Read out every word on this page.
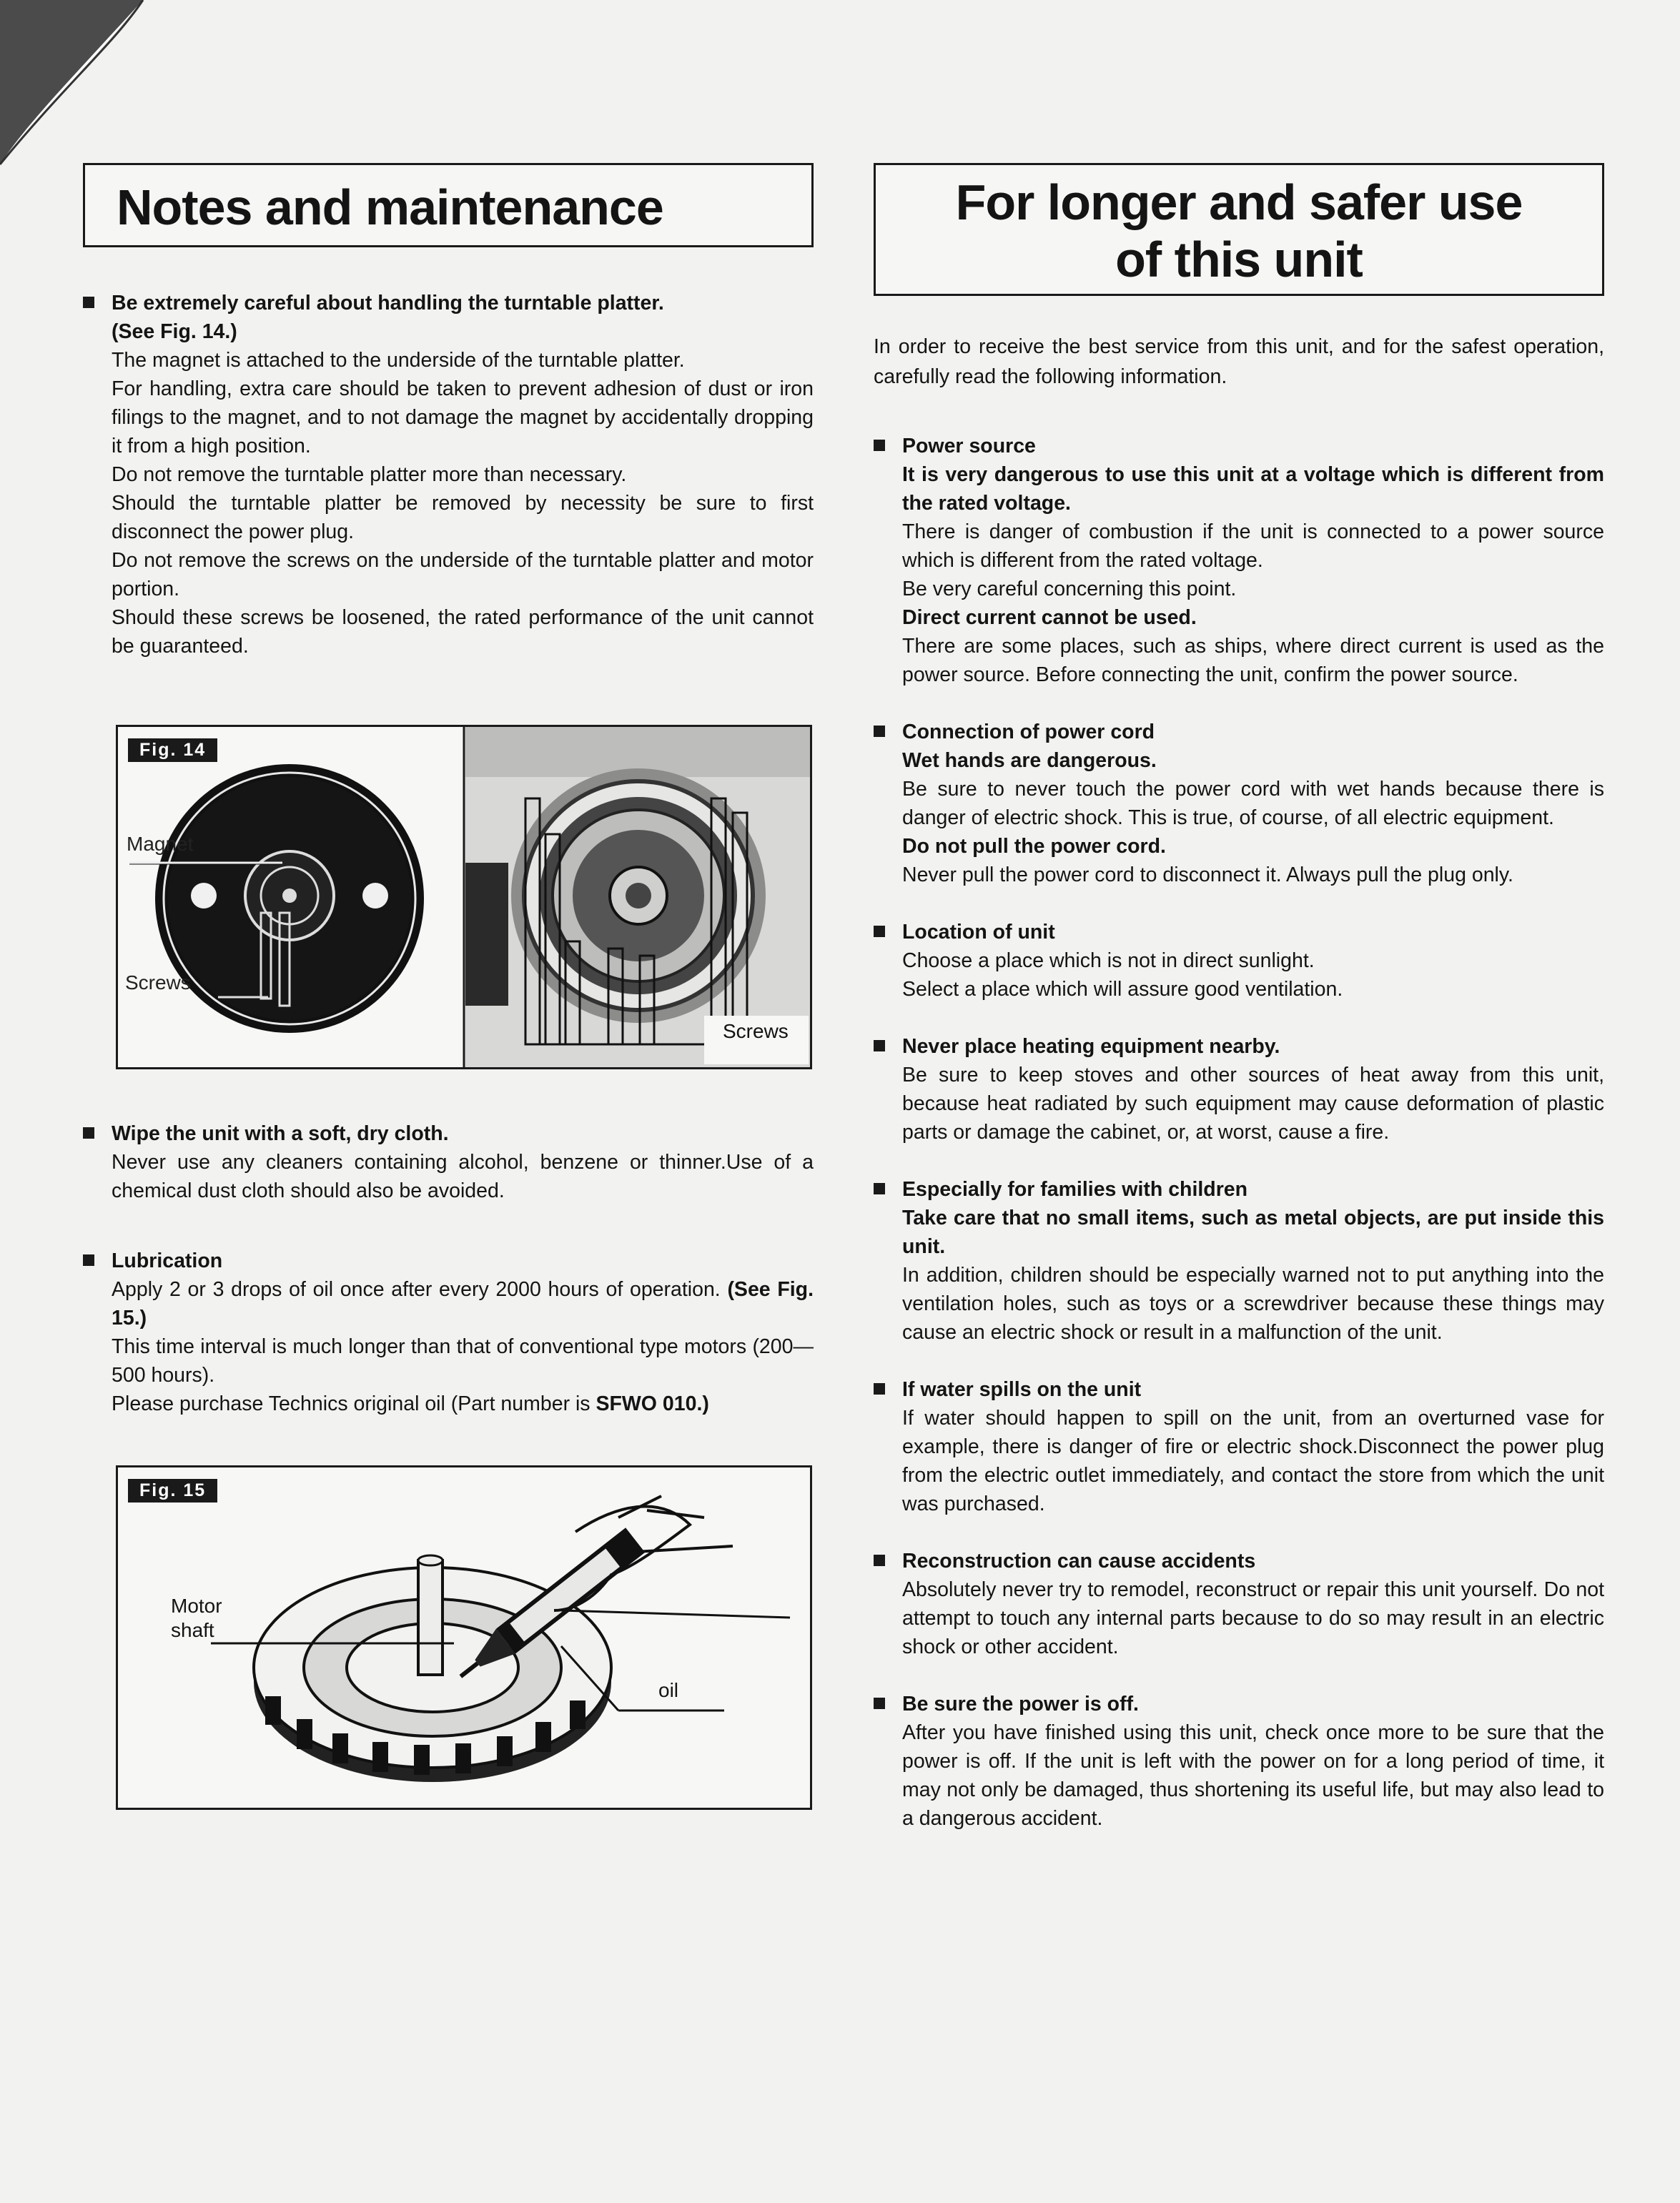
Notes and maintenance

Be extremely careful about handling the turntable platter.

(See Fig. 14.)

The magnet is attached to the underside of the turntable platter.

For handling, extra care should be taken to prevent adhesion of dust or iron filings to the magnet, and to not damage the magnet by accidentally dropping it from a high position.

Do not remove the turntable platter more than necessary.

Should the turntable platter be removed by necessity be sure to first disconnect the power plug.

Do not remove the screws on the underside of the turntable platter and motor portion.

Should these screws be loosened, the rated performance of the unit cannot be guaranteed.

Fig. 14
Magnet
Screws
Screws

Wipe the unit with a soft, dry cloth.

Never use any cleaners containing alcohol, benzene or thinner.Use of a chemical dust cloth should also be avoided.

Lubrication

Apply 2 or 3 drops of oil once after every 2000 hours of operation. (See Fig. 15.)

This time interval is much longer than that of conventional type motors (200—500 hours).

Please purchase Technics original oil (Part number is SFWO 010.)

Fig. 15
Motor
shaft
oil
For longer and safer use
of this unit

In order to receive the best service from this unit, and for the safest operation, carefully read the following information.

Power source

It is very dangerous to use this unit at a voltage which is different from the rated voltage.

There is danger of combustion if the unit is connected to a power source which is different from the rated voltage.

Be very careful concerning this point.

Direct current cannot be used.

There are some places, such as ships, where direct current is used as the power source. Before connecting the unit, confirm the power source.

Connection of power cord

Wet hands are dangerous.

Be sure to never touch the power cord with wet hands because there is danger of electric shock. This is true, of course, of all electric equipment.

Do not pull the power cord.

Never pull the power cord to disconnect it. Always pull the plug only.

Location of unit

Choose a place which is not in direct sunlight.

Select a place which will assure good ventilation.

Never place heating equipment nearby.

Be sure to keep stoves and other sources of heat away from this unit, because heat radiated by such equipment may cause deformation of plastic parts or damage the cabinet, or, at worst, cause a fire.

Especially for families with children

Take care that no small items, such as metal objects, are put inside this unit.

In addition, children should be especially warned not to put anything into the ventilation holes, such as toys or a screwdriver because these things may cause an electric shock or result in a malfunction of the unit.

If water spills on the unit

If water should happen to spill on the unit, from an overturned vase for example, there is danger of fire or electric shock.Disconnect the power plug from the electric outlet immediately, and contact the store from which the unit was purchased.

Reconstruction can cause accidents

Absolutely never try to remodel, reconstruct or repair this unit yourself. Do not attempt to touch any internal parts because to do so may result in an electric shock or other accident.

Be sure the power is off.

After you have finished using this unit, check once more to be sure that the power is off. If the unit is left with the power on for a long period of time, it may not only be damaged, thus shortening its useful life, but may also lead to a dangerous accident.
